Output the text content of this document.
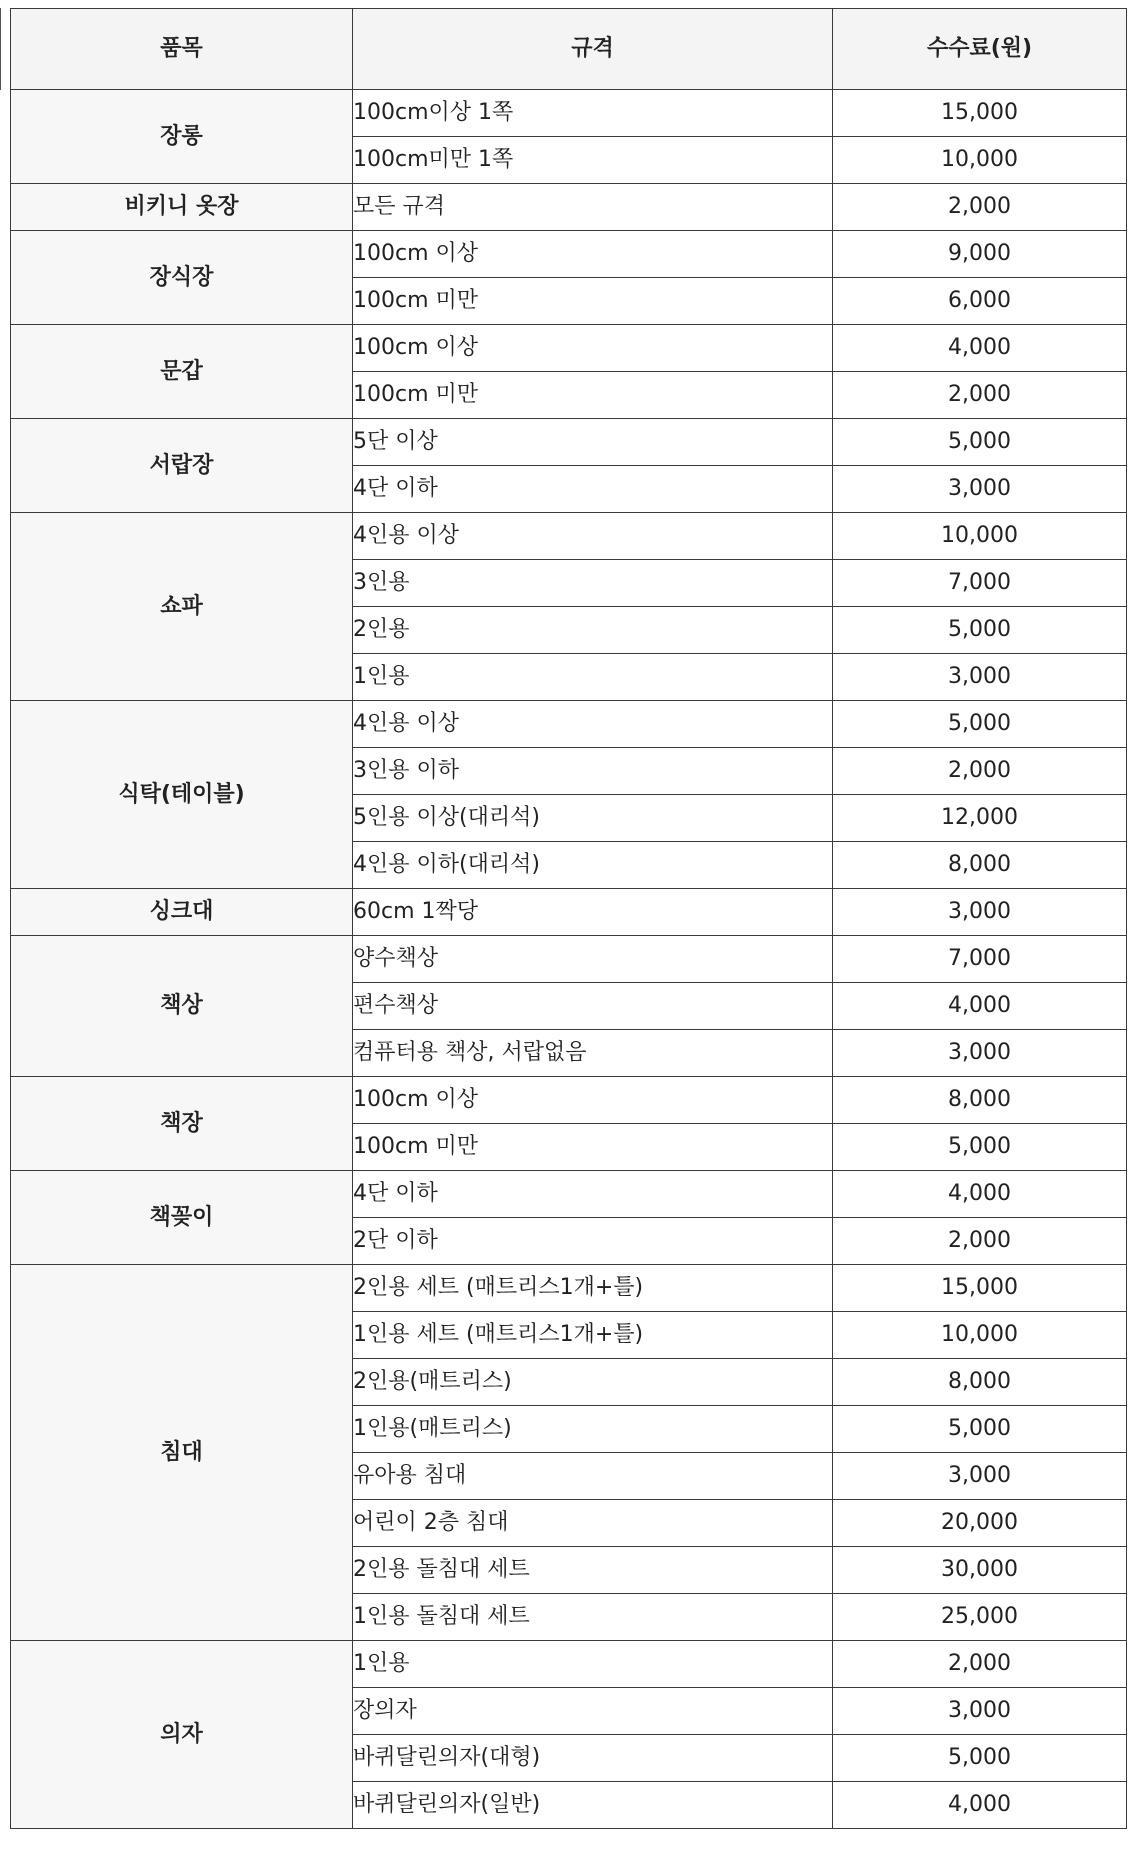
품목	규격	수수료(원)
장롱	100cm이상 1쪽	15,000
	100cm미만 1쪽	10,000
비키니 옷장	모든 규격	2,000
장식장	100cm 이상	9,000
	100cm 미만	6,000
문갑	100cm 이상	4,000
	100cm 미만	2,000
서랍장	5단 이상	5,000
	4단 이하	3,000
쇼파	4인용 이상	10,000
	3인용	7,000
	2인용	5,000
	1인용	3,000
식탁(테이블)	4인용 이상	5,000
	3인용 이하	2,000
	5인용 이상(대리석)	12,000
	4인용 이하(대리석)	8,000
싱크대	60cm 1짝당	3,000
책상	양수책상	7,000
	편수책상	4,000
	컴퓨터용 책상, 서랍없음	3,000
책장	100cm 이상	8,000
	100cm 미만	5,000
책꽂이	4단 이하	4,000
	2단 이하	2,000
침대	2인용 세트 (매트리스1개+틀)	15,000
	1인용 세트 (매트리스1개+틀)	10,000
	2인용(매트리스)	8,000
	1인용(매트리스)	5,000
	유아용 침대	3,000
	어린이 2층 침대	20,000
	2인용 돌침대 세트	30,000
	1인용 돌침대 세트	25,000
의자	1인용	2,000
	장의자	3,000
	바퀴달린의자(대형)	5,000
	바퀴달린의자(일반)	4,000
